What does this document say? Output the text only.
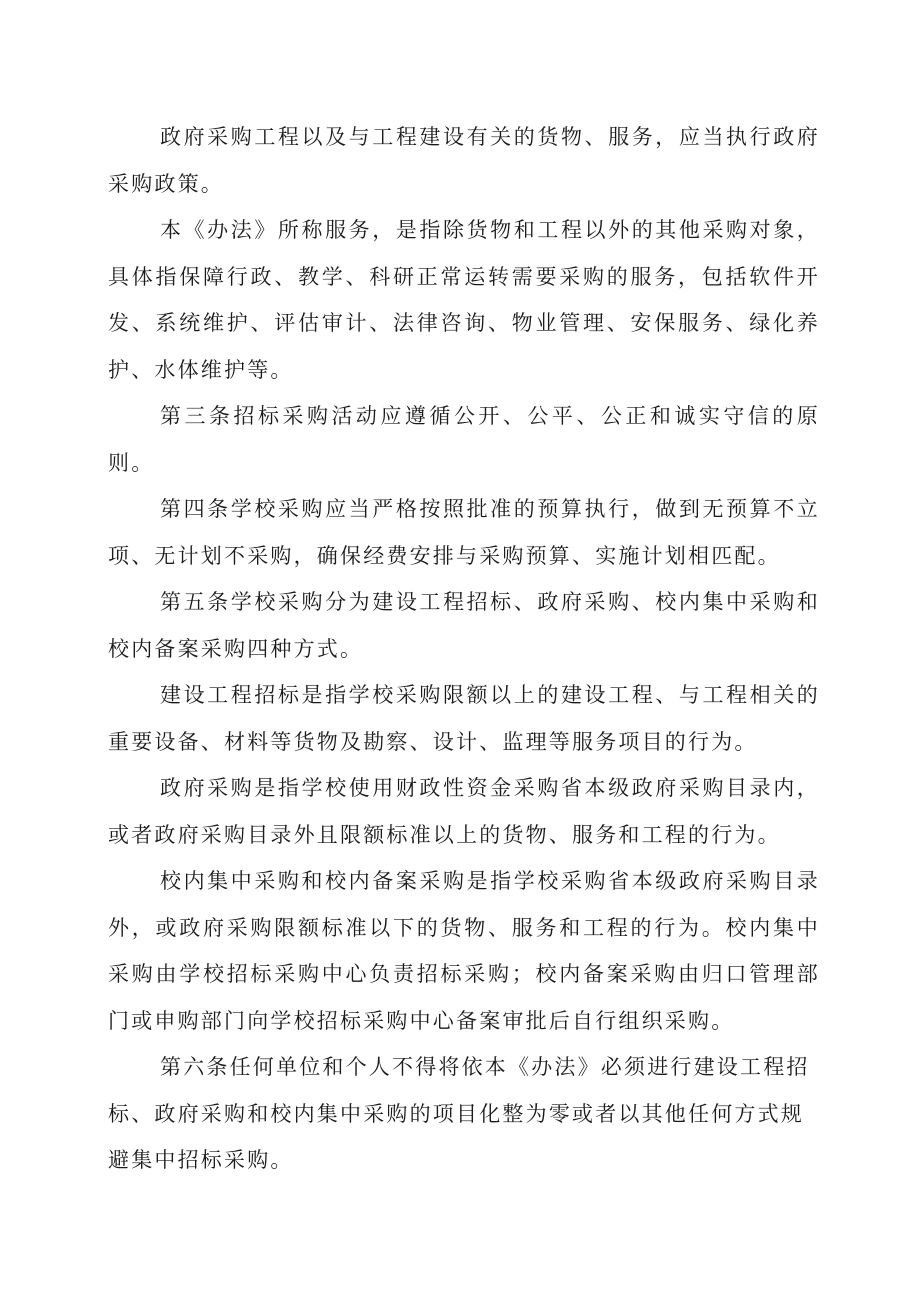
政府采购工程以及与工程建设有关的货物、服务，应当执行政府采购政策。

本《办法》所称服务，是指除货物和工程以外的其他采购对象，具体指保障行政、教学、科研正常运转需要采购的服务，包括软件开发、系统维护、评估审计、法律咨询、物业管理、安保服务、绿化养护、水体维护等。

第三条招标采购活动应遵循公开、公平、公正和诚实守信的原则。

第四条学校采购应当严格按照批准的预算执行，做到无预算不立项、无计划不采购，确保经费安排与采购预算、实施计划相匹配。

第五条学校采购分为建设工程招标、政府采购、校内集中采购和校内备案采购四种方式。

建设工程招标是指学校采购限额以上的建设工程、与工程相关的重要设备、材料等货物及勘察、设计、监理等服务项目的行为。

政府采购是指学校使用财政性资金采购省本级政府采购目录内，或者政府采购目录外且限额标准以上的货物、服务和工程的行为。

校内集中采购和校内备案采购是指学校采购省本级政府采购目录外，或政府采购限额标准以下的货物、服务和工程的行为。校内集中采购由学校招标采购中心负责招标采购；校内备案采购由归口管理部门或申购部门向学校招标采购中心备案审批后自行组织采购。

第六条任何单位和个人不得将依本《办法》必须进行建设工程招标、政府采购和校内集中采购的项目化整为零或者以其他任何方式规避集中招标采购。
